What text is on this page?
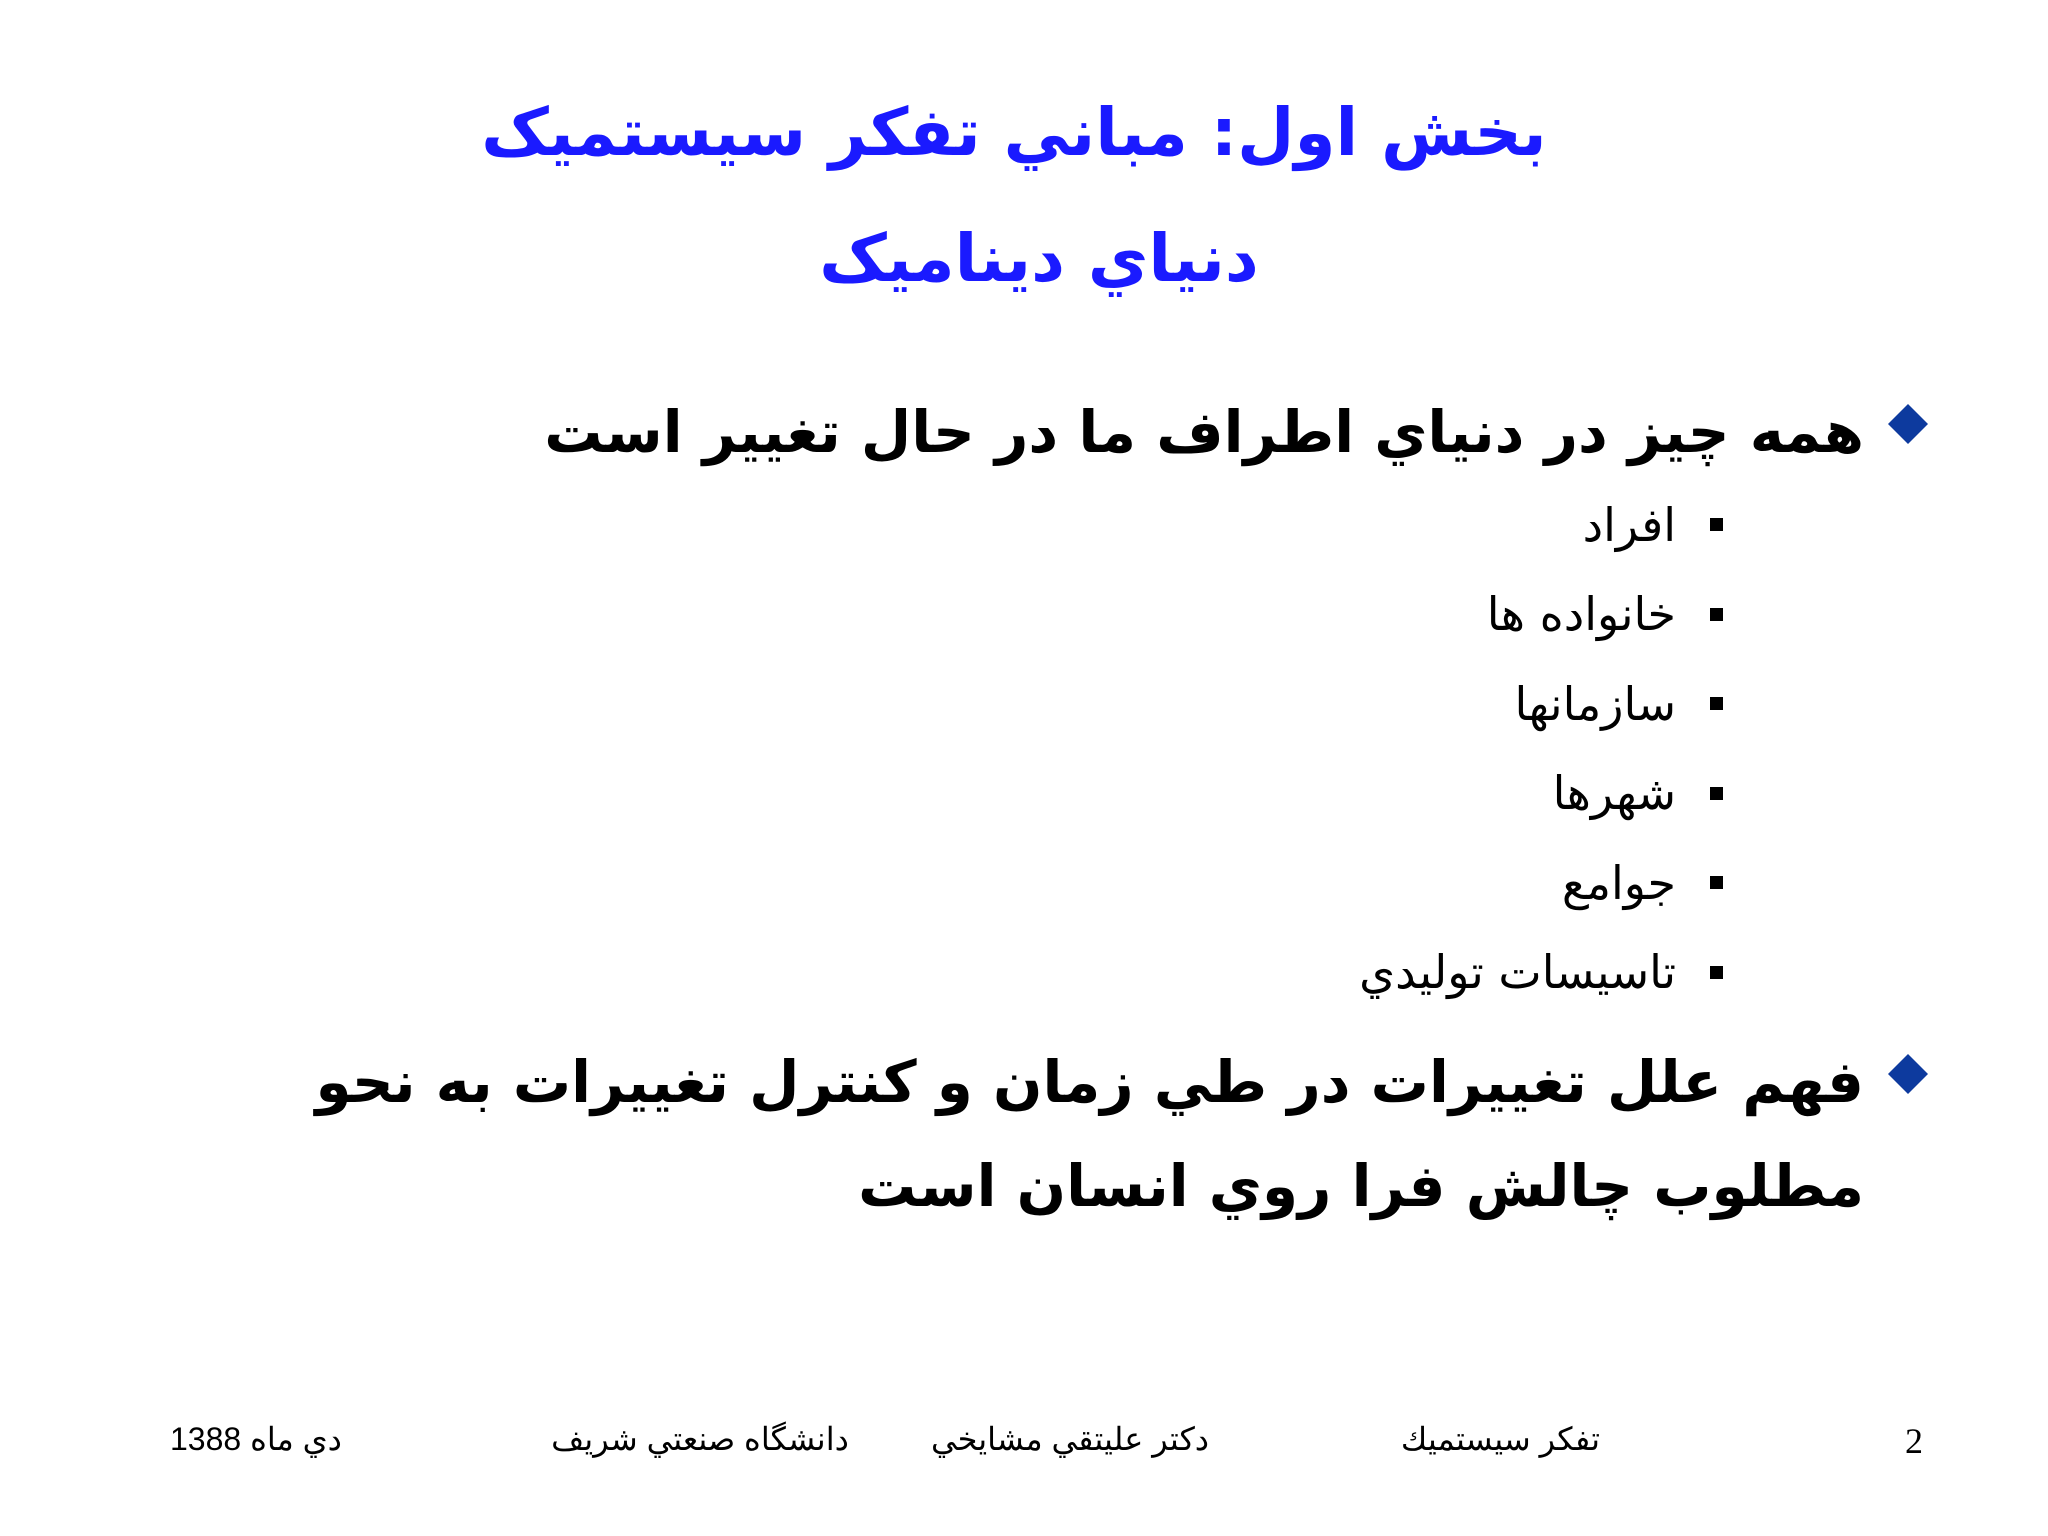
بخش اول: مباني تفکر سيستميک
دنياي ديناميک
همه چيز در دنياي اطراف ما در حال تغيير است
افراد
خانواده ها
سازمانها
شهرها
جوامع
تاسيسات توليدي
فهم علل تغييرات در طي زمان و کنترل تغييرات به نحو مطلوب چالش فرا روي انسان است
2
تفکر سيستميك
دکتر عليتقي مشايخي
دانشگاه صنعتي شريف
دي ماه 1388
